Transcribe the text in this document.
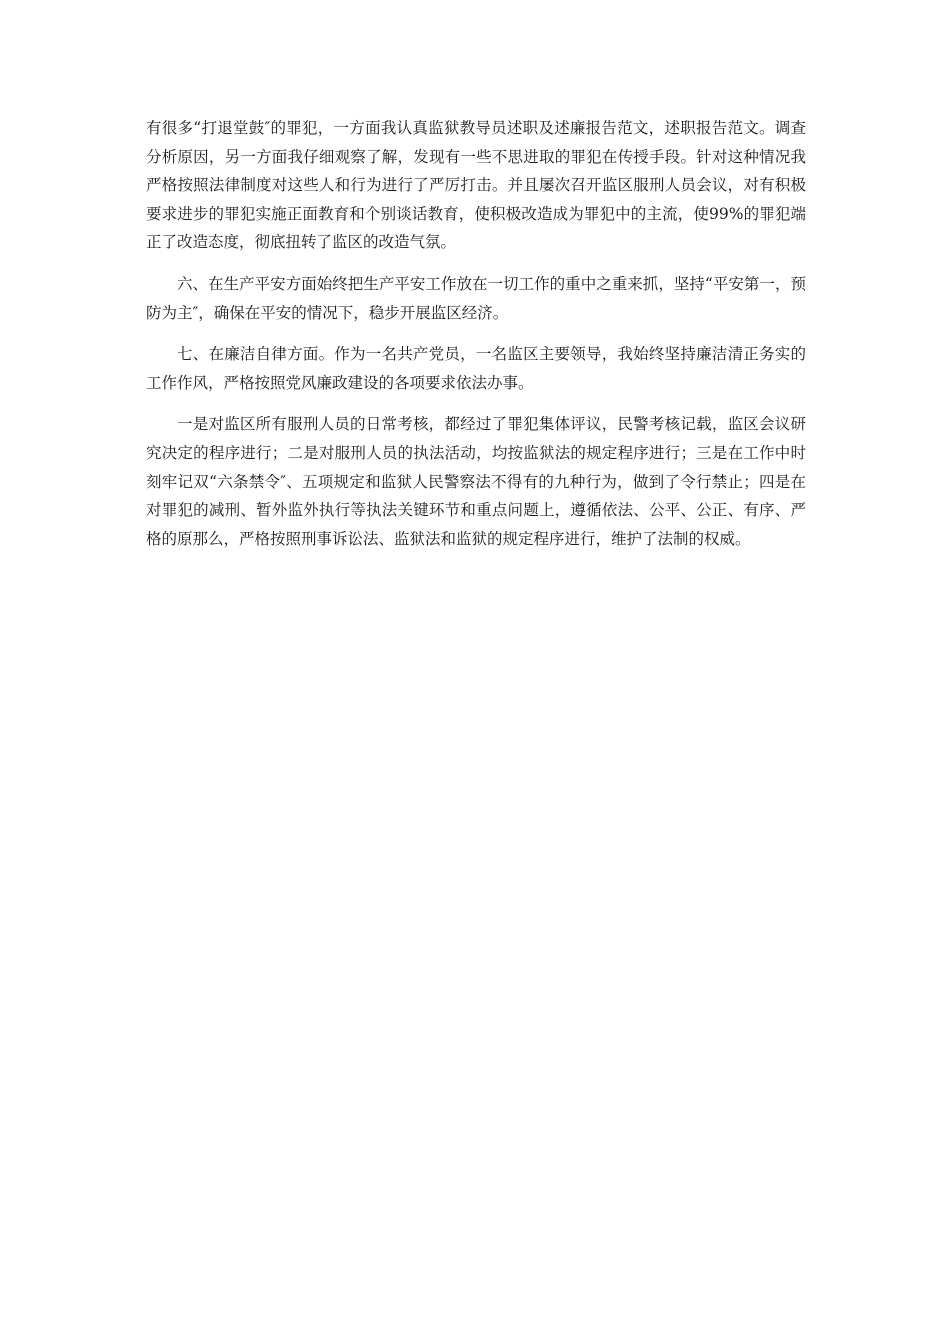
有很多“打退堂鼓″的罪犯，一方面我认真监狱教导员述职及述廉报告范文，述职报告范文。调查分析原因，另一方面我仔细观察了解，发现有一些不思进取的罪犯在传授手段。针对这种情况我严格按照法律制度对这些人和行为进行了严厉打击。并且屡次召开监区服刑人员会议，对有积极要求进步的罪犯实施正面教育和个别谈话教育，使积极改造成为罪犯中的主流，使99%的罪犯端正了改造态度，彻底扭转了监区的改造气氛。

六、在生产平安方面始终把生产平安工作放在一切工作的重中之重来抓，坚持“平安第一，预防为主″，确保在平安的情况下，稳步开展监区经济。

七、在廉洁自律方面。作为一名共产党员，一名监区主要领导，我始终坚持廉洁清正务实的工作作风，严格按照党风廉政建设的各项要求依法办事。

一是对监区所有服刑人员的日常考核，都经过了罪犯集体评议，民警考核记载，监区会议研究决定的程序进行；二是对服刑人员的执法活动，均按监狱法的规定程序进行；三是在工作中时刻牢记双“六条禁令″、五项规定和监狱人民警察法不得有的九种行为，做到了令行禁止；四是在对罪犯的减刑、暂外监外执行等执法关键环节和重点问题上，遵循依法、公平、公正、有序、严格的原那么，严格按照刑事诉讼法、监狱法和监狱的规定程序进行，维护了法制的权威。
